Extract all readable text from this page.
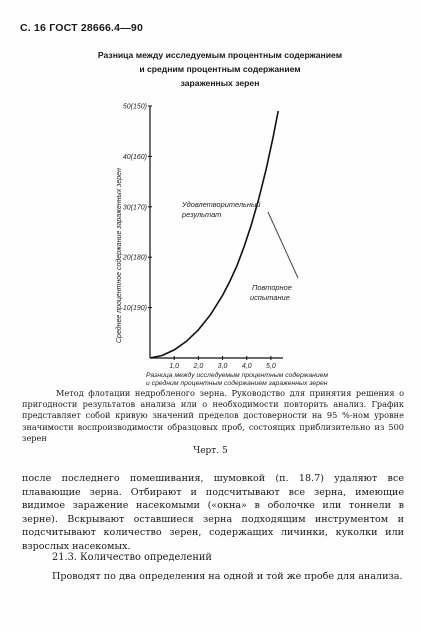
С. 16 ГОСТ 28666.4—90
Разница между исследуемым процентным содержанием
и средним процентным содержанием
зараженных зерен
10(190)
20(180)
30(170)
40(160)
50(150)
1,0 2,0 3,0 4,0 5,0
Удовлетворительный
результат
Повторное
испытание
Среднее процентное содержание зараженных зерен
Разница между исследуемым процентным содержанием
и средним процентным содержанием зараженных зерен
Метод флотации недробленого зерна. Руководство для принятия решения о пригодности результатов анализа или о необходимости повторить анализ. График представляет собой кривую значений пределов достоверности на 95 %-ном уровне значимости воспроизводимости образцовых проб, состоящих приблизительно из 500 зерен
Черт. 5
после последнего помешивания, шумовкой (п. 18.7) удаляют все плавающие зерна. Отбирают и подсчитывают все зерна, имеющие видимое заражение насекомыми («окна» в оболочке или тоннели в зерне). Вскрывают оставшиеся зерна подходящим инструментом и подсчитывают количество зерен, содержащих личинки, куколки или взрослых насекомых.
21.3. Количество определений
Проводят по два определения на одной и той же пробе для анализа.
